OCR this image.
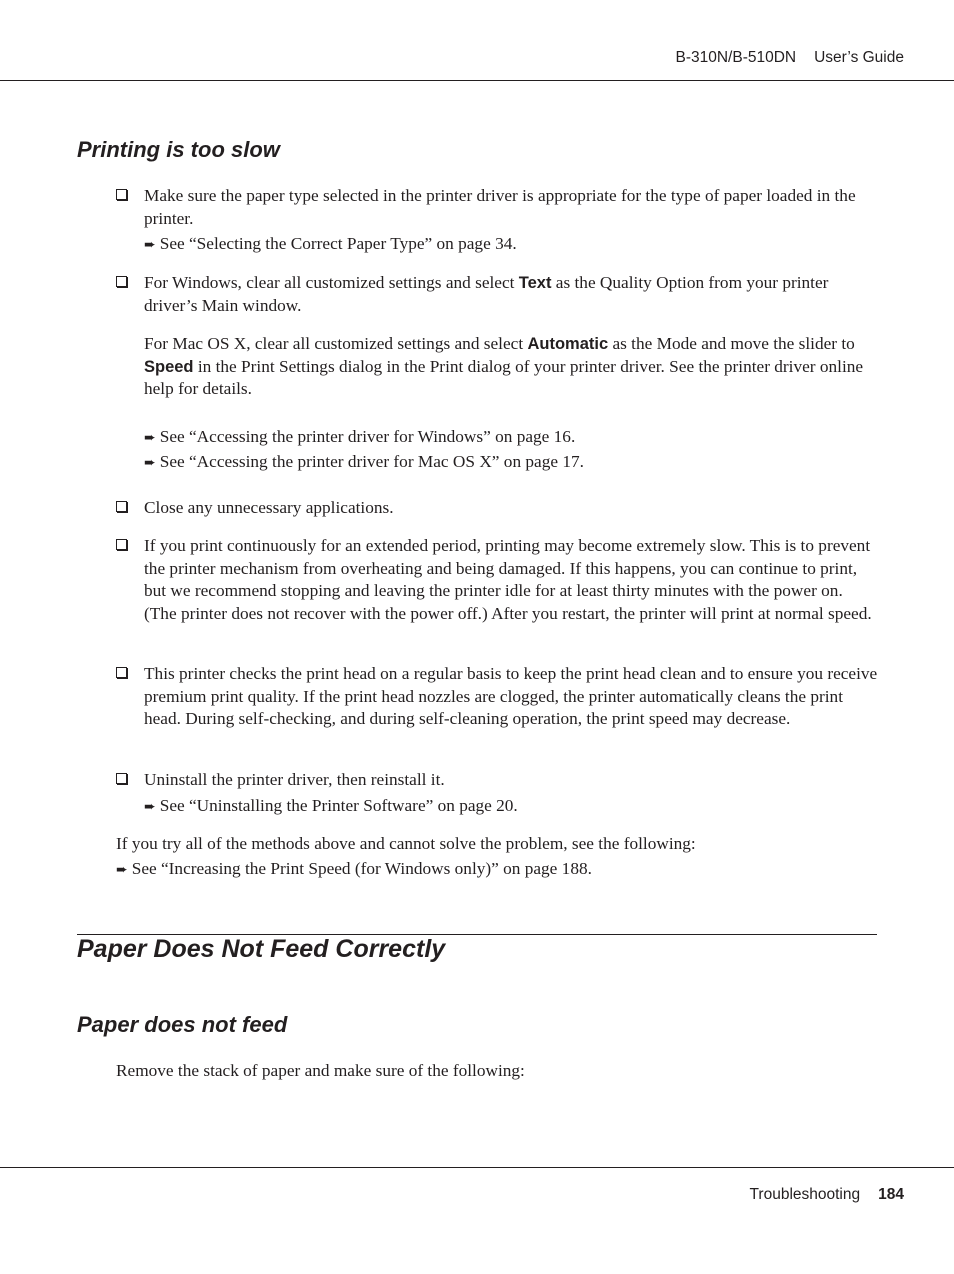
B-310N/B-510DN User’s Guide
Printing is too slow
Make sure the paper type selected in the printer driver is appropriate for the type of paper loaded in the printer.
➨ See “Selecting the Correct Paper Type” on page 34.
For Windows, clear all customized settings and select Text as the Quality Option from your printer driver’s Main window.
For Mac OS X, clear all customized settings and select Automatic as the Mode and move the slider to Speed in the Print Settings dialog in the Print dialog of your printer driver. See the printer driver online help for details.
➨ See “Accessing the printer driver for Windows” on page 16.
➨ See “Accessing the printer driver for Mac OS X” on page 17.
Close any unnecessary applications.
If you print continuously for an extended period, printing may become extremely slow. This is to prevent the printer mechanism from overheating and being damaged. If this happens, you can continue to print, but we recommend stopping and leaving the printer idle for at least thirty minutes with the power on. (The printer does not recover with the power off.) After you restart, the printer will print at normal speed.
This printer checks the print head on a regular basis to keep the print head clean and to ensure you receive premium print quality. If the print head nozzles are clogged, the printer automatically cleans the print head. During self-checking, and during self-cleaning operation, the print speed may decrease.
Uninstall the printer driver, then reinstall it.
➨ See “Uninstalling the Printer Software” on page 20.
If you try all of the methods above and cannot solve the problem, see the following:
➨ See “Increasing the Print Speed (for Windows only)” on page 188.
Paper Does Not Feed Correctly
Paper does not feed
Remove the stack of paper and make sure of the following:
Troubleshooting 184
